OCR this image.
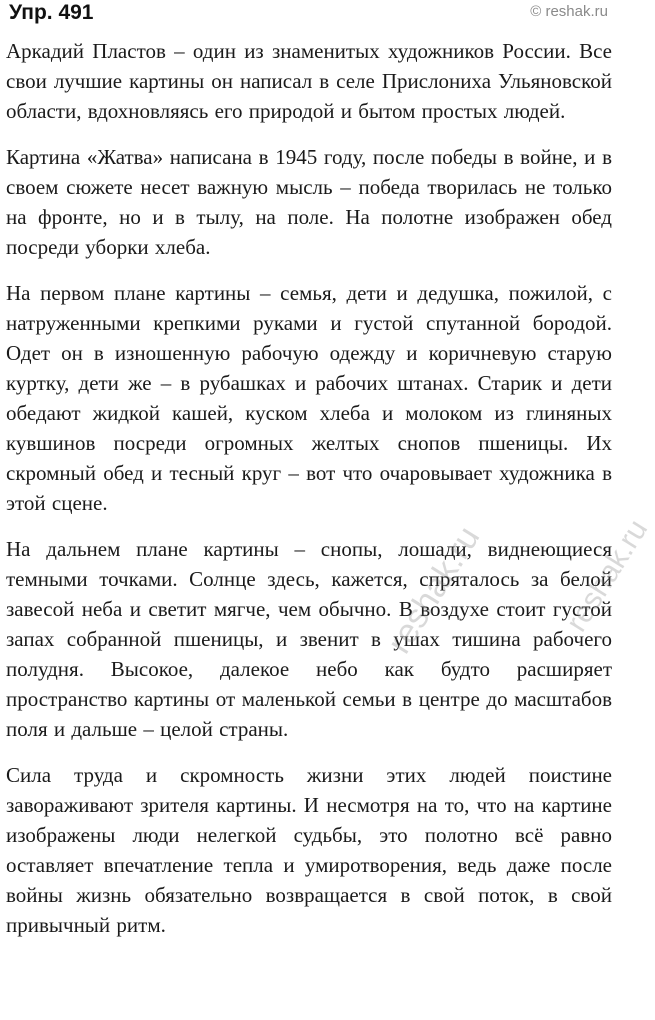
Упр. 491	© reshak.ru

Аркадий Пластов – один из знаменитых художников России. Все свои лучшие картины он написал в селе Прислониха Ульяновской области, вдохновляясь его природой и бытом простых людей.

Картина «Жатва» написана в 1945 году, после победы в войне, и в своем сюжете несет важную мысль – победа творилась не только на фронте, но и в тылу, на поле. На полотне изображен обед посреди уборки хлеба.

На первом плане картины – семья, дети и дедушка, пожилой, с натруженными крепкими руками и густой спутанной бородой. Одет он в изношенную рабочую одежду и коричневую старую куртку, дети же – в рубашках и рабочих штанах. Старик и дети обедают жидкой кашей, куском хлеба и молоком из глиняных кувшинов посреди огромных желтых снопов пшеницы. Их скромный обед и тесный круг – вот что очаровывает художника в этой сцене.

На дальнем плане картины – снопы, лошади, виднеющиеся темными точками. Солнце здесь, кажется, спряталось за белой завесой неба и светит мягче, чем обычно. В воздухе стоит густой запах собранной пшеницы, и звенит в ушах тишина рабочего полудня. Высокое, далекое небо как будто расширяет пространство картины от маленькой семьи в центре до масштабов поля и дальше – целой страны.

Сила труда и скромность жизни этих людей поистине завораживают зрителя картины. И несмотря на то, что на картине изображены люди нелегкой судьбы, это полотно всё равно оставляет впечатление тепла и умиротворения, ведь даже после войны жизнь обязательно возвращается в свой поток, в свой привычный ритм.

reshak.ru reshak.ru
